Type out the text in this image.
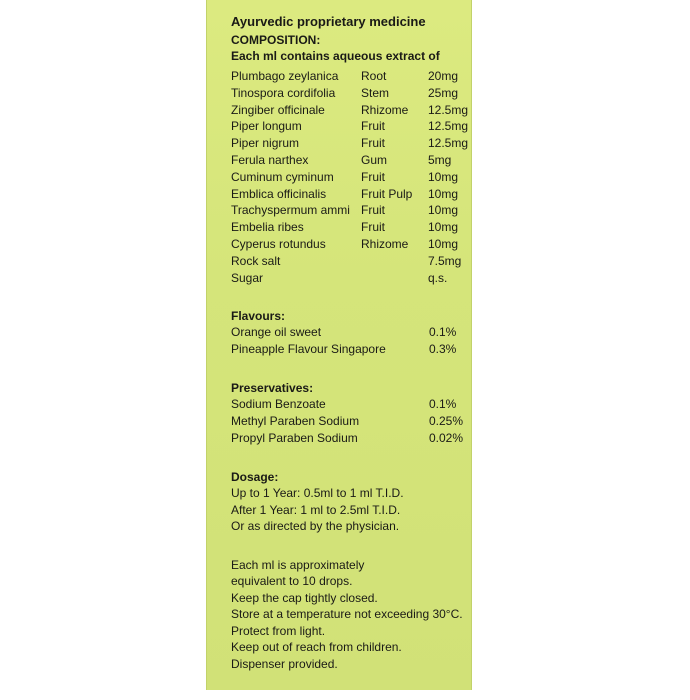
Ayurvedic proprietary medicine
COMPOSITION:
Each ml contains aqueous extract of
Plumbago zeylanica	Root	20mg
Tinospora cordifolia	Stem	25mg
Zingiber officinale	Rhizome	12.5mg
Piper longum	Fruit	12.5mg
Piper nigrum	Fruit	12.5mg
Ferula narthex	Gum	5mg
Cuminum cyminum	Fruit	10mg
Emblica officinalis	Fruit Pulp	10mg
Trachyspermum ammi Fruit	10mg
Embelia ribes	Fruit	10mg
Cyperus rotundus	Rhizome	10mg
Rock salt	7.5mg
Sugar	q.s.
Flavours:
Orange oil sweet	0.1%
Pineapple Flavour Singapore	0.3%
Preservatives:
Sodium Benzoate	0.1%
Methyl Paraben Sodium	0.25%
Propyl Paraben Sodium	0.02%
Dosage:
Up to 1 Year: 0.5ml to 1 ml T.I.D.
After 1 Year: 1 ml to 2.5ml T.I.D.
Or as directed by the physician.
Each ml is approximately
equivalent to 10 drops.
Keep the cap tightly closed.
Store at a temperature not exceeding 30°C.
Protect from light.
Keep out of reach from children.
Dispenser provided.
